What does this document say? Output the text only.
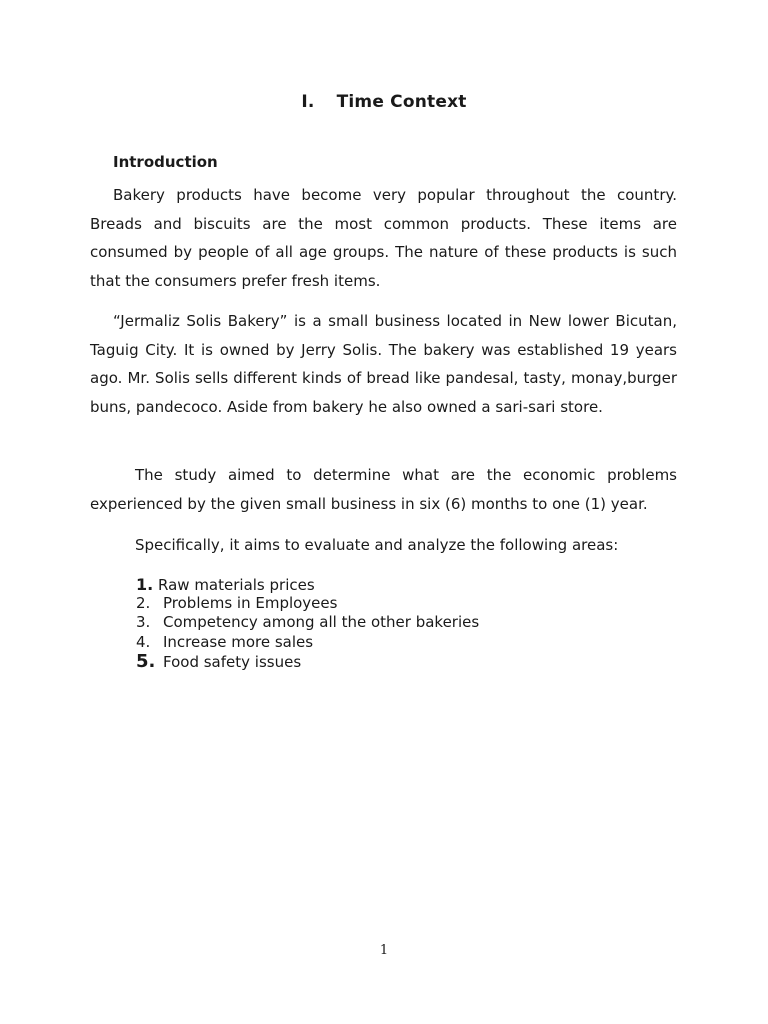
I. Time Context
Introduction

Bakery products have become very popular throughout the country. Breads and biscuits are the most common products. These items are consumed by people of all age groups. The nature of these products is such that the consumers prefer fresh items.

“Jermaliz Solis Bakery” is a small business located in New lower Bicutan, Taguig City. It is owned by Jerry Solis. The bakery was established 19 years ago. Mr. Solis sells different kinds of bread like pandesal, tasty, monay,burger buns, pandecoco. Aside from bakery he also owned a sari-sari store.

The study aimed to determine what are the economic problems experienced by the given small business in six (6) months to one (1) year.

Specifically, it aims to evaluate and analyze the following areas:

1. Raw materials prices
2. Problems in Employees
3. Competency among all the other bakeries
4. Increase more sales
5. Food safety issues
1
